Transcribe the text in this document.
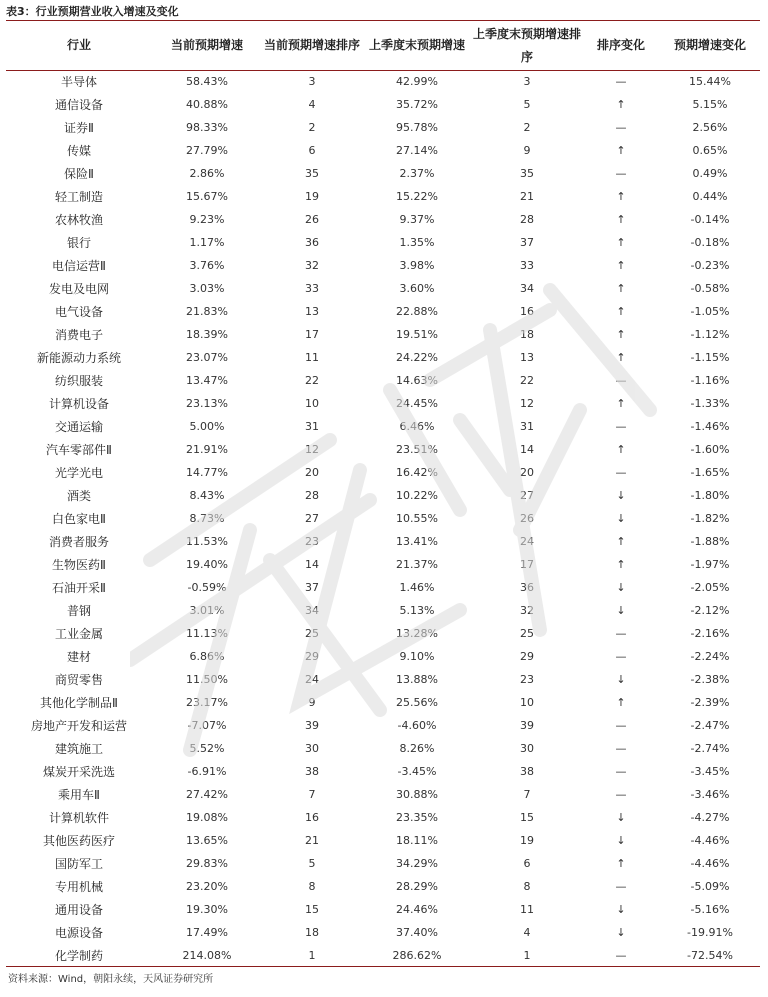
表3：行业预期营业收入增速及变化
行业	当前预期增速	当前预期增速排序	上季度末预期增速	上季度末预期增速排序	排序变化	预期增速变化
半导体	58.43%	3	42.99%	3	—	15.44%
通信设备	40.88%	4	35.72%	5	↑	5.15%
证券Ⅱ	98.33%	2	95.78%	2	—	2.56%
传媒	27.79%	6	27.14%	9	↑	0.65%
保险Ⅱ	2.86%	35	2.37%	35	—	0.49%
轻工制造	15.67%	19	15.22%	21	↑	0.44%
农林牧渔	9.23%	26	9.37%	28	↑	-0.14%
银行	1.17%	36	1.35%	37	↑	-0.18%
电信运营Ⅱ	3.76%	32	3.98%	33	↑	-0.23%
发电及电网	3.03%	33	3.60%	34	↑	-0.58%
电气设备	21.83%	13	22.88%	16	↑	-1.05%
消费电子	18.39%	17	19.51%	18	↑	-1.12%
新能源动力系统	23.07%	11	24.22%	13	↑	-1.15%
纺织服装	13.47%	22	14.63%	22	—	-1.16%
计算机设备	23.13%	10	24.45%	12	↑	-1.33%
交通运输	5.00%	31	6.46%	31	—	-1.46%
汽车零部件Ⅱ	21.91%	12	23.51%	14	↑	-1.60%
光学光电	14.77%	20	16.42%	20	—	-1.65%
酒类	8.43%	28	10.22%	27	↓	-1.80%
白色家电Ⅱ	8.73%	27	10.55%	26	↓	-1.82%
消费者服务	11.53%	23	13.41%	24	↑	-1.88%
生物医药Ⅱ	19.40%	14	21.37%	17	↑	-1.97%
石油开采Ⅱ	-0.59%	37	1.46%	36	↓	-2.05%
普钢	3.01%	34	5.13%	32	↓	-2.12%
工业金属	11.13%	25	13.28%	25	—	-2.16%
建材	6.86%	29	9.10%	29	—	-2.24%
商贸零售	11.50%	24	13.88%	23	↓	-2.38%
其他化学制品Ⅱ	23.17%	9	25.56%	10	↑	-2.39%
房地产开发和运营	-7.07%	39	-4.60%	39	—	-2.47%
建筑施工	5.52%	30	8.26%	30	—	-2.74%
煤炭开采洗选	-6.91%	38	-3.45%	38	—	-3.45%
乘用车Ⅱ	27.42%	7	30.88%	7	—	-3.46%
计算机软件	19.08%	16	23.35%	15	↓	-4.27%
其他医药医疗	13.65%	21	18.11%	19	↓	-4.46%
国防军工	29.83%	5	34.29%	6	↑	-4.46%
专用机械	23.20%	8	28.29%	8	—	-5.09%
通用设备	19.30%	15	24.46%	11	↓	-5.16%
电源设备	17.49%	18	37.40%	4	↓	-19.91%
化学制药	214.08%	1	286.62%	1	—	-72.54%
资料来源：Wind，朝阳永续，天风证券研究所
